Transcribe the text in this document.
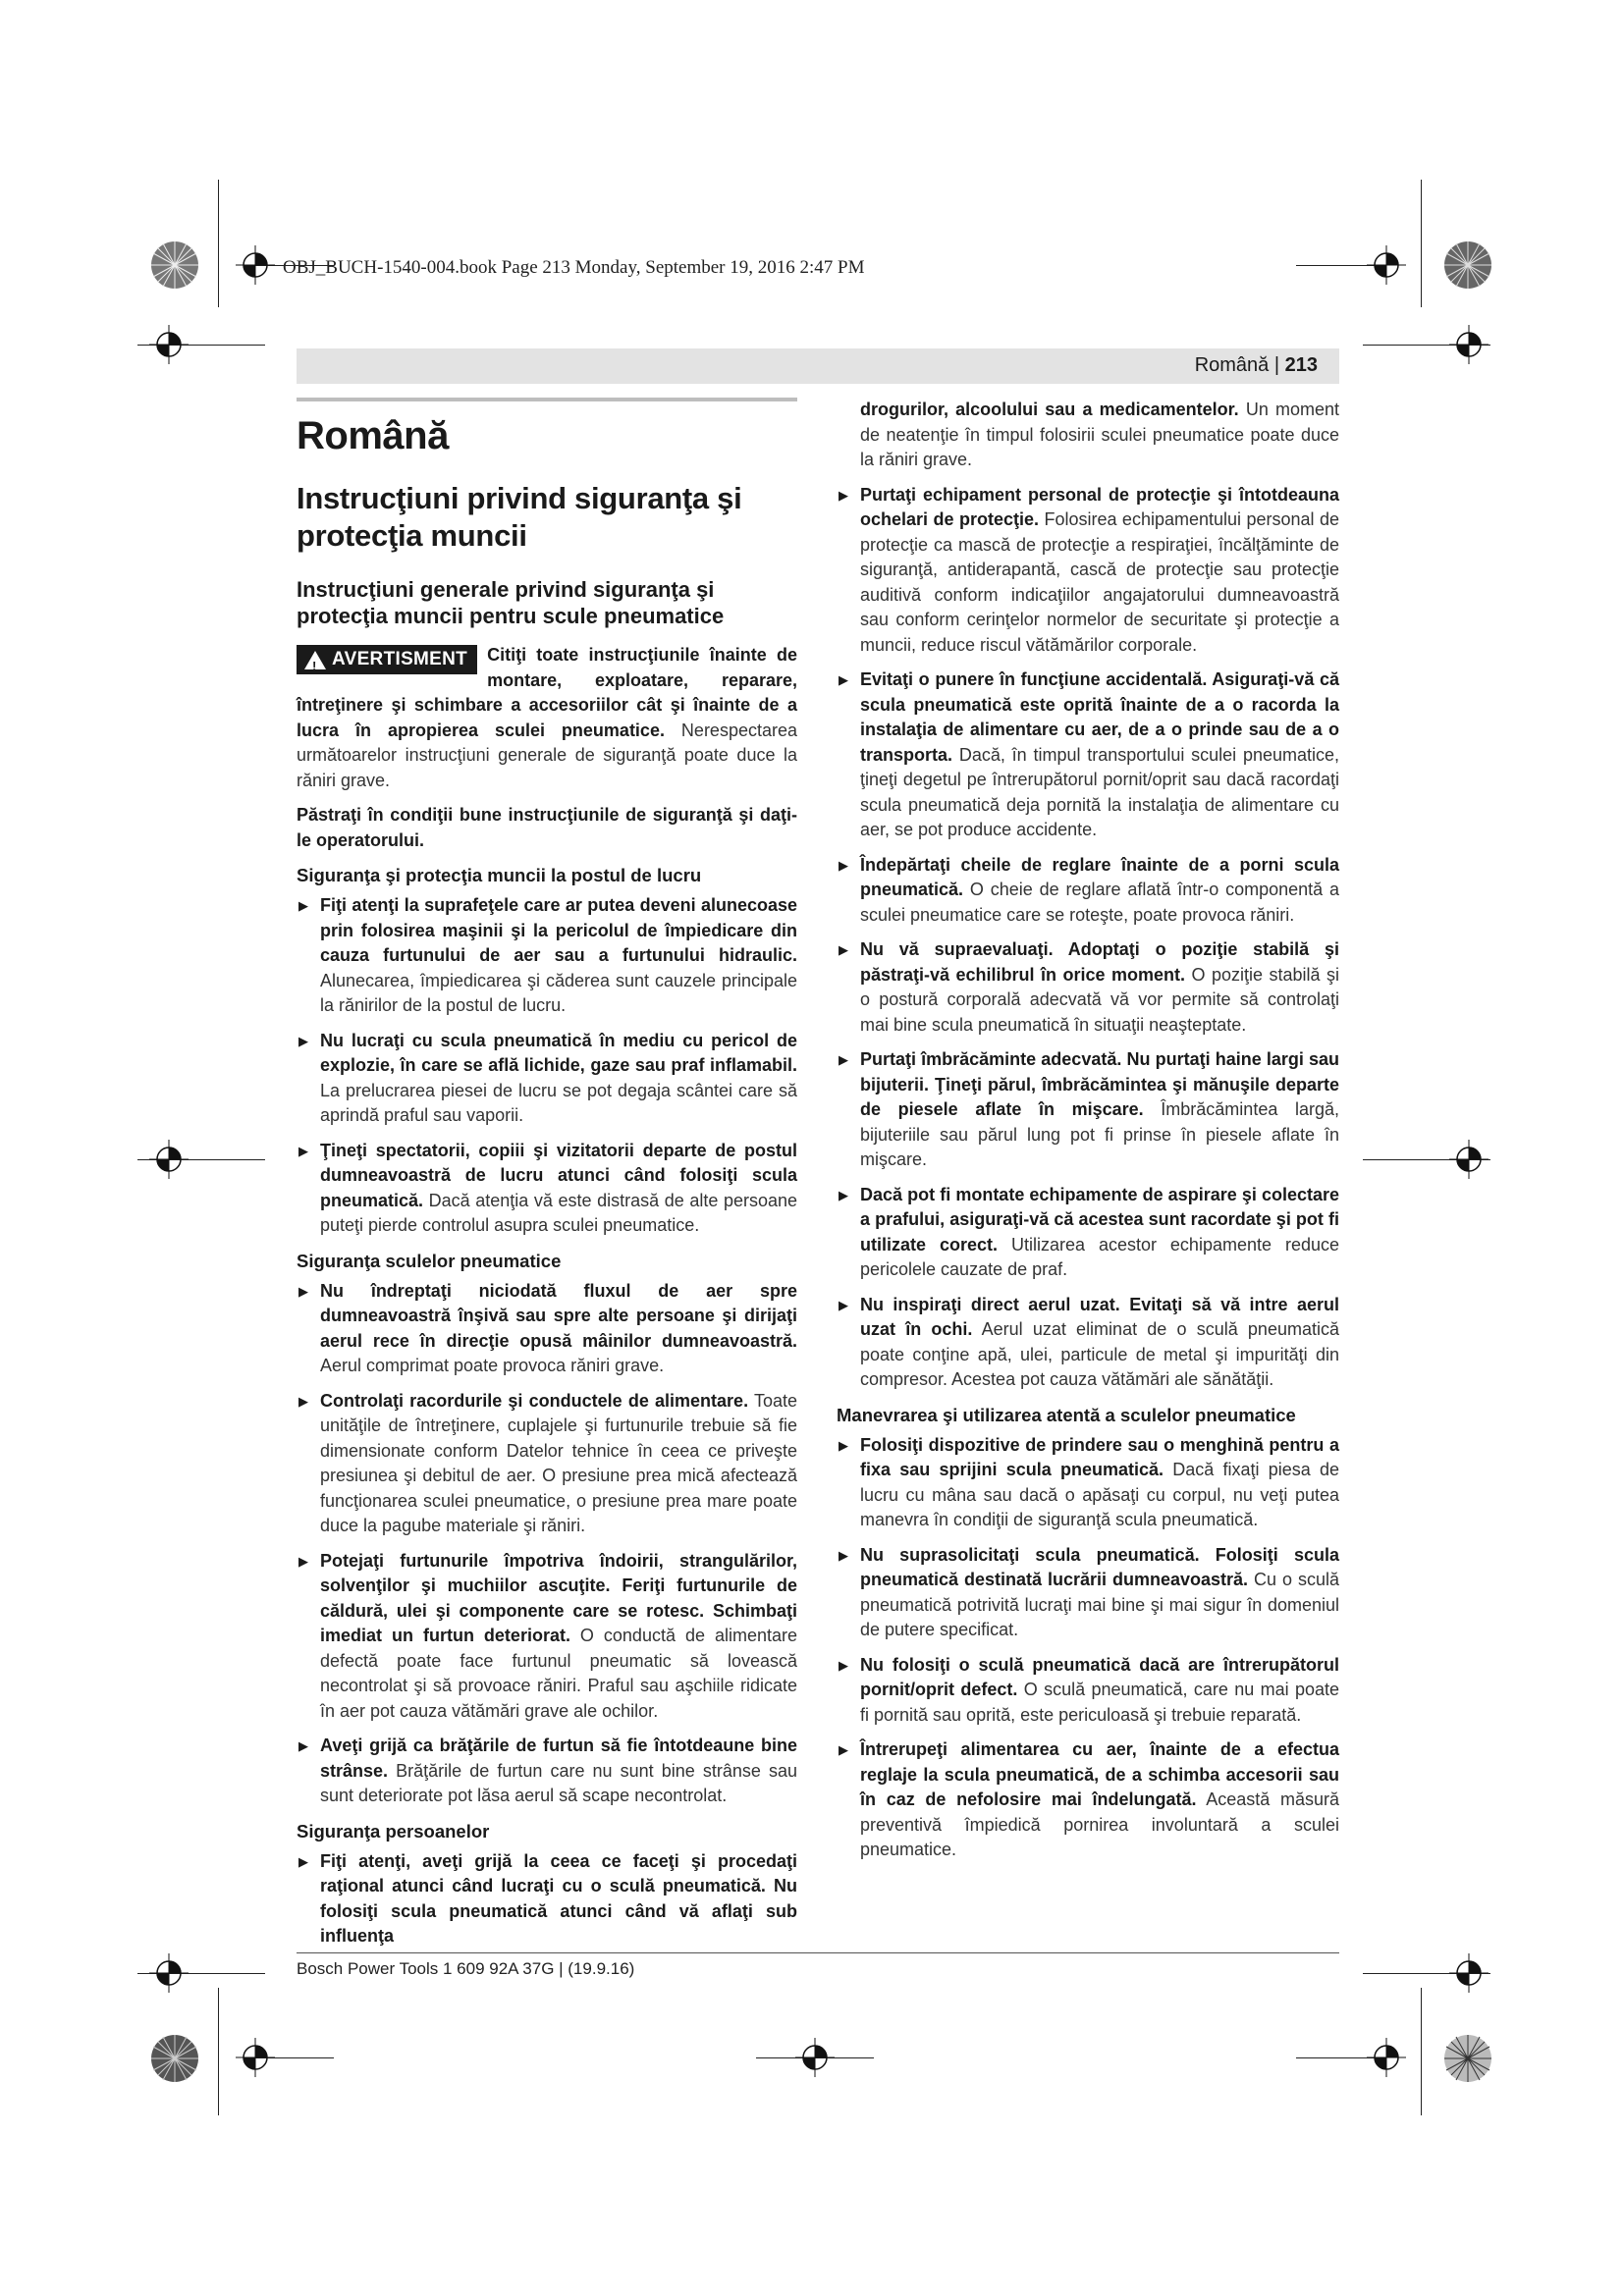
OBJ_BUCH-1540-004.book Page 213 Monday, September 19, 2016 2:47 PM
Română | 213
Română
Instrucţiuni privind siguranţa şi protecţia muncii
Instrucţiuni generale privind siguranţa şi protecţia muncii pentru scule pneumatice

!
AVERTISMENT Citiţi toate instrucţiunile înainte de montare, exploatare, reparare, întreţinere şi schimbare a accesoriilor cât şi înainte de a lucra în apropierea sculei pneumatice. Nerespectarea următoarelor instrucţiuni generale de siguranţă poate duce la răniri grave.

Păstraţi în condiţii bune instrucţiunile de siguranţă şi daţi-le operatorului.

Siguranţa şi protecţia muncii la postul de lucru
▶ Fiţi atenţi la suprafeţele care ar putea deveni alunecoase prin folosirea maşinii şi la pericolul de împiedicare din cauza furtunului de aer sau a furtunului hidraulic. Alunecarea, împiedicarea şi căderea sunt cauzele principale la rănirilor de la postul de lucru.
▶ Nu lucraţi cu scula pneumatică în mediu cu pericol de explozie, în care se află lichide, gaze sau praf inflamabil. La prelucrarea piesei de lucru se pot degaja scântei care să aprindă praful sau vaporii.
▶ Ţineţi spectatorii, copiii şi vizitatorii departe de postul dumneavoastră de lucru atunci când folosiţi scula pneumatică. Dacă atenţia vă este distrasă de alte persoane puteţi pierde controlul asupra sculei pneumatice.
Siguranţa sculelor pneumatice
▶ Nu îndreptaţi niciodată fluxul de aer spre dumneavoastră înşivă sau spre alte persoane şi dirijaţi aerul rece în direcţie opusă mâinilor dumneavoastră. Aerul comprimat poate provoca răniri grave.
▶ Controlaţi racordurile şi conductele de alimentare. Toate unităţile de întreţinere, cuplajele şi furtunurile trebuie să fie dimensionate conform Datelor tehnice în ceea ce priveşte presiunea şi debitul de aer. O presiune prea mică afectează funcţionarea sculei pneumatice, o presiune prea mare poate duce la pagube materiale şi răniri.
▶ Potejaţi furtunurile împotriva îndoirii, strangulărilor, solvenţilor şi muchiilor ascuţite. Feriţi furtunurile de căldură, ulei şi componente care se rotesc. Schimbaţi imediat un furtun deteriorat. O conductă de alimentare defectă poate face furtunul pneumatic să lovească necontrolat şi să provoace răniri. Praful sau aşchiile ridicate în aer pot cauza vătămări grave ale ochilor.
▶ Aveţi grijă ca brăţările de furtun să fie întotdeaune bine strânse. Brăţările de furtun care nu sunt bine strânse sau sunt deteriorate pot lăsa aerul să scape necontrolat.
Siguranţa persoanelor
▶ Fiţi atenţi, aveţi grijă la ceea ce faceţi şi procedaţi raţional atunci când lucraţi cu o sculă pneumatică. Nu folosiţi scula pneumatică atunci când vă aflaţi sub influenţa

drogurilor, alcoolului sau a medicamentelor. Un moment de neatenţie în timpul folosirii sculei pneumatice poate duce la răniri grave.

▶ Purtaţi echipament personal de protecţie şi întotdeauna ochelari de protecţie. Folosirea echipamentului personal de protecţie ca mască de protecţie a respiraţiei, încălţăminte de siguranţă, antiderapantă, cască de protecţie sau protecţie auditivă conform indicaţiilor angajatorului dumneavoastră sau conform cerinţelor normelor de securitate şi protecţie a muncii, reduce riscul vătămărilor corporale.
▶ Evitaţi o punere în funcţiune accidentală. Asiguraţi-vă că scula pneumatică este oprită înainte de a o racorda la instalaţia de alimentare cu aer, de a o prinde sau de a o transporta. Dacă, în timpul transportului sculei pneumatice, ţineţi degetul pe întrerupătorul pornit/oprit sau dacă racordaţi scula pneumatică deja pornită la instalaţia de alimentare cu aer, se pot produce accidente.
▶ Îndepărtaţi cheile de reglare înainte de a porni scula pneumatică. O cheie de reglare aflată într-o componentă a sculei pneumatice care se roteşte, poate provoca răniri.
▶ Nu vă supraevaluaţi. Adoptaţi o poziţie stabilă şi păstraţi-vă echilibrul în orice moment. O poziţie stabilă şi o postură corporală adecvată vă vor permite să controlaţi mai bine scula pneumatică în situaţii neaşteptate.
▶ Purtaţi îmbrăcăminte adecvată. Nu purtaţi haine largi sau bijuterii. Ţineţi părul, îmbrăcămintea şi mănuşile departe de piesele aflate în mişcare. Îmbrăcămintea largă, bijuteriile sau părul lung pot fi prinse în piesele aflate în mişcare.
▶ Dacă pot fi montate echipamente de aspirare şi colectare a prafului, asiguraţi-vă că acestea sunt racordate şi pot fi utilizate corect. Utilizarea acestor echipamente reduce pericolele cauzate de praf.
▶ Nu inspiraţi direct aerul uzat. Evitaţi să vă intre aerul uzat în ochi. Aerul uzat eliminat de o sculă pneumatică poate conţine apă, ulei, particule de metal şi impurităţi din compresor. Acestea pot cauza vătămări ale sănătăţii.
Manevrarea şi utilizarea atentă a sculelor pneumatice
▶ Folosiţi dispozitive de prindere sau o menghină pentru a fixa sau sprijini scula pneumatică. Dacă fixaţi piesa de lucru cu mâna sau dacă o apăsaţi cu corpul, nu veţi putea manevra în condiţii de siguranţă scula pneumatică.
▶ Nu suprasolicitaţi scula pneumatică. Folosiţi scula pneumatică destinată lucrării dumneavoastră. Cu o sculă pneumatică potrivită lucraţi mai bine şi mai sigur în domeniul de putere specificat.
▶ Nu folosiţi o sculă pneumatică dacă are întrerupătorul pornit/oprit defect. O sculă pneumatică, care nu mai poate fi pornită sau oprită, este periculoasă şi trebuie reparată.
▶ Întrerupeţi alimentarea cu aer, înainte de a efectua reglaje la scula pneumatică, de a schimba accesorii sau în caz de nefolosire mai îndelungată. Această măsură preventivă împiedică pornirea involuntară a sculei pneumatice.
Bosch Power Tools 1 609 92A 37G | (19.9.16)
